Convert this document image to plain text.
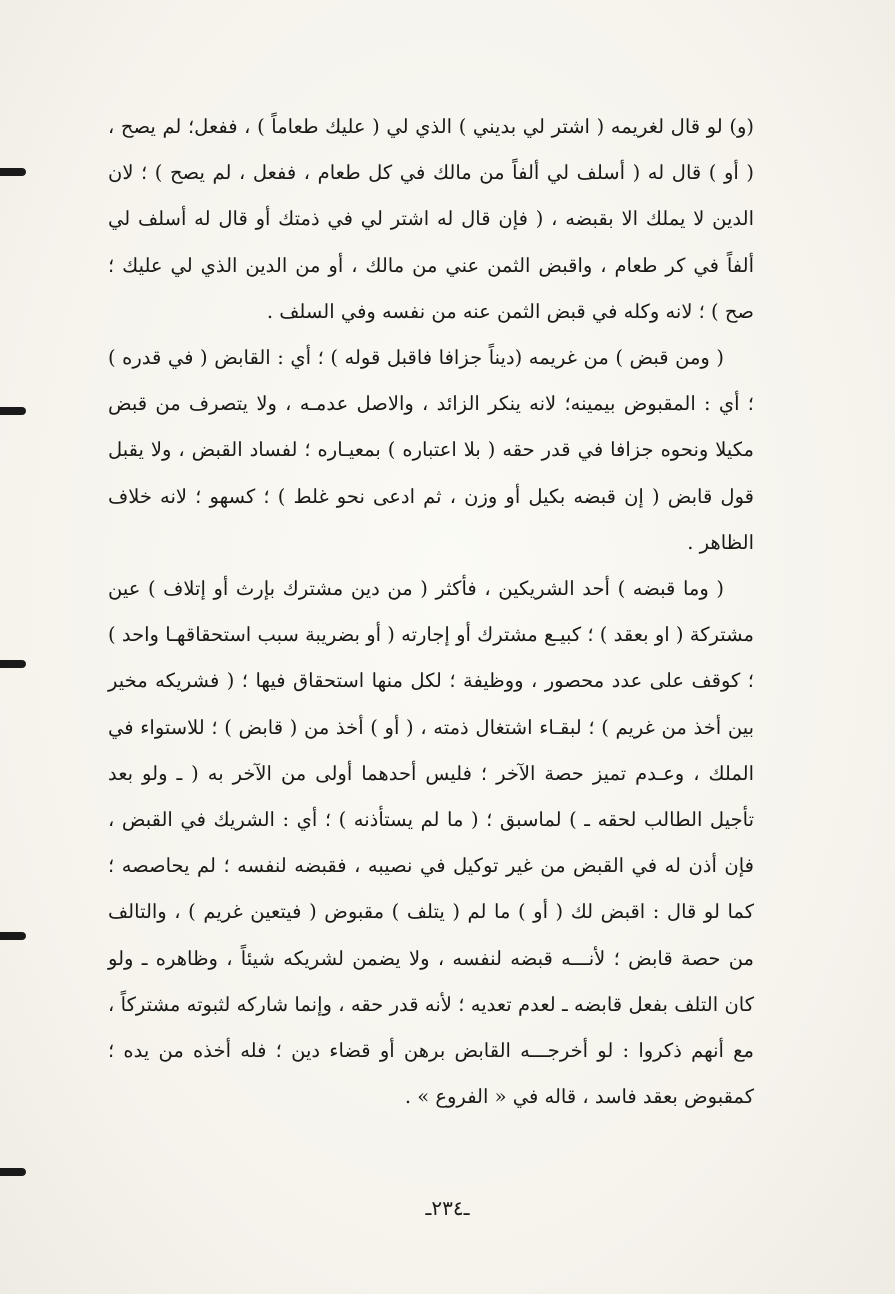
(و) لو قال لغريمه ( اشتر لي بديني ) الذي لي ( عليك طعاماً ) ، ففعل؛ لم يصح ، ( أو ) قال له ( أسلف لي ألفاً من مالك في كل طعام ، ففعل ، لم يصح ) ؛ لان الدين لا يملك الا بقبضه ، ( فإن قال له اشتر لي في ذمتك أو قال له أسلف لي ألفاً في كر طعام ، واقبض الثمن عني من مالك ، أو من الدين الذي لي عليك ؛ صح ) ؛ لانه وكله في قبض الثمن عنه من نفسه وفي السلف .

( ومن قبض ) من غريمه (ديناً جزافا فاقبل قوله ) ؛ أي : القابض ( في قدره ) ؛ أي : المقبوض بيمينه؛ لانه ينكر الزائد ، والاصل عدمـه ، ولا يتصرف من قبض مكيلا ونحوه جزافا في قدر حقه ( بلا اعتباره ) بمعيـاره ؛ لفساد القبض ، ولا يقبل قول قابض ( إن قبضه بكيل أو وزن ، ثم ادعى نحو غلط ) ؛ كسهو ؛ لانه خلاف الظاهر .

( وما قبضه ) أحد الشريكين ، فأكثر ( من دين مشترك بإرث أو إتلاف ) عين مشتركة ( او بعقد ) ؛ كبيـع مشترك أو إجارته ( أو بضريبة سبب استحقاقهـا واحد ) ؛ كوقف على عدد محصور ، ووظيفة ؛ لكل منها استحقاق فيها ؛ ( فشريكه مخير بين أخذ من غريم ) ؛ لبقـاء اشتغال ذمته ، ( أو ) أخذ من ( قابض ) ؛ للاستواء في الملك ، وعـدم تميز حصة الآخر ؛ فليس أحدهما أولى من الآخر به ( ـ ولو بعد تأجيل الطالب لحقه ـ ) لماسبق ؛ ( ما لم يستأذنه ) ؛ أي : الشريك في القبض ، فإن أذن له في القبض من غير توكيل في نصيبه ، فقبضه لنفسه ؛ لم يحاصصه ؛ كما لو قال : اقبض لك ( أو ) ما لم ( يتلف ) مقبوض ( فيتعين غريم ) ، والتالف من حصة قابض ؛ لأنـــه قبضه لنفسه ، ولا يضمن لشريكه شيئاً ، وظاهره ـ ولو كان التلف بفعل قابضه ـ لعدم تعديه ؛ لأنه قدر حقه ، وإنما شاركه لثبوته مشتركاً ، مع أنهم ذكروا : لو أخرجـــه القابض برهن أو قضاء دين ؛ فله أخذه من يده ؛ كمقبوض بعقد فاسد ، قاله في « الفروع » .

ـ٢٣٤ـ
